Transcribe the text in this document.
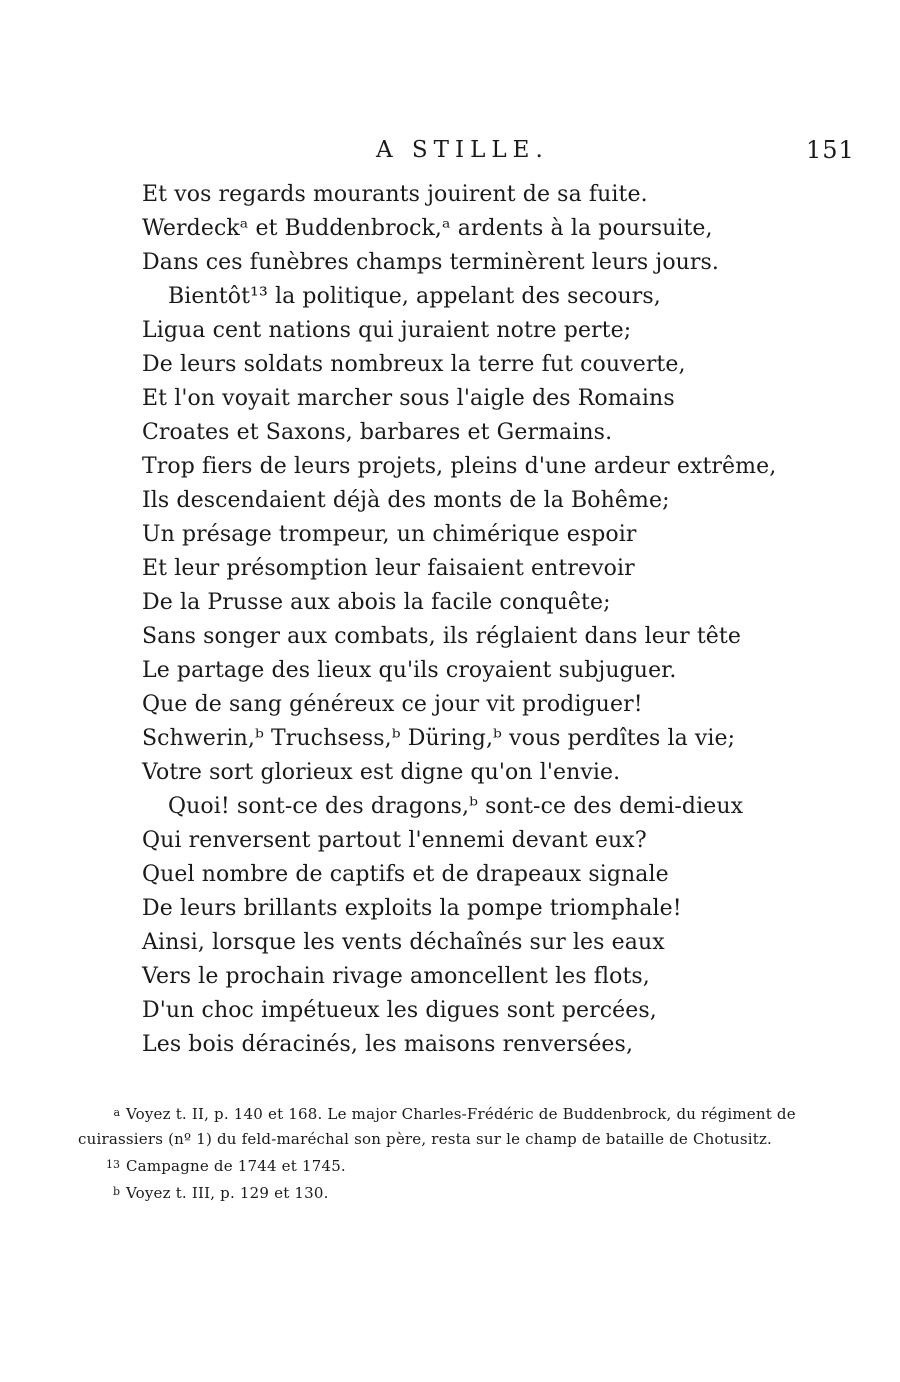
A STILLE.	151
Et vos regards mourants jouirent de sa fuite.
Werdeckᵃ et Buddenbrock,ᵃ ardents à la poursuite,
Dans ces funèbres champs terminèrent leurs jours.
Bientôt¹³ la politique, appelant des secours,
Ligua cent nations qui juraient notre perte;
De leurs soldats nombreux la terre fut couverte,
Et l'on voyait marcher sous l'aigle des Romains
Croates et Saxons, barbares et Germains.
Trop fiers de leurs projets, pleins d'une ardeur extrême,
Ils descendaient déjà des monts de la Bohême;
Un présage trompeur, un chimérique espoir
Et leur présomption leur faisaient entrevoir
De la Prusse aux abois la facile conquête;
Sans songer aux combats, ils réglaient dans leur tête
Le partage des lieux qu'ils croyaient subjuguer.
Que de sang généreux ce jour vit prodiguer!
Schwerin,ᵇ Truchsess,ᵇ Düring,ᵇ vous perdîtes la vie;
Votre sort glorieux est digne qu'on l'envie.
Quoi! sont-ce des dragons,ᵇ sont-ce des demi-dieux
Qui renversent partout l'ennemi devant eux?
Quel nombre de captifs et de drapeaux signale
De leurs brillants exploits la pompe triomphale!
Ainsi, lorsque les vents déchaînés sur les eaux
Vers le prochain rivage amoncellent les flots,
D'un choc impétueux les digues sont percées,
Les bois déracinés, les maisons renversées,
a Voyez t. II, p. 140 et 168. Le major Charles-Frédéric de Buddenbrock, du régiment de
cuirassiers (nº 1) du feld-maréchal son père, resta sur le champ de bataille de Chotusitz.
13 Campagne de 1744 et 1745.
b Voyez t. III, p. 129 et 130.
